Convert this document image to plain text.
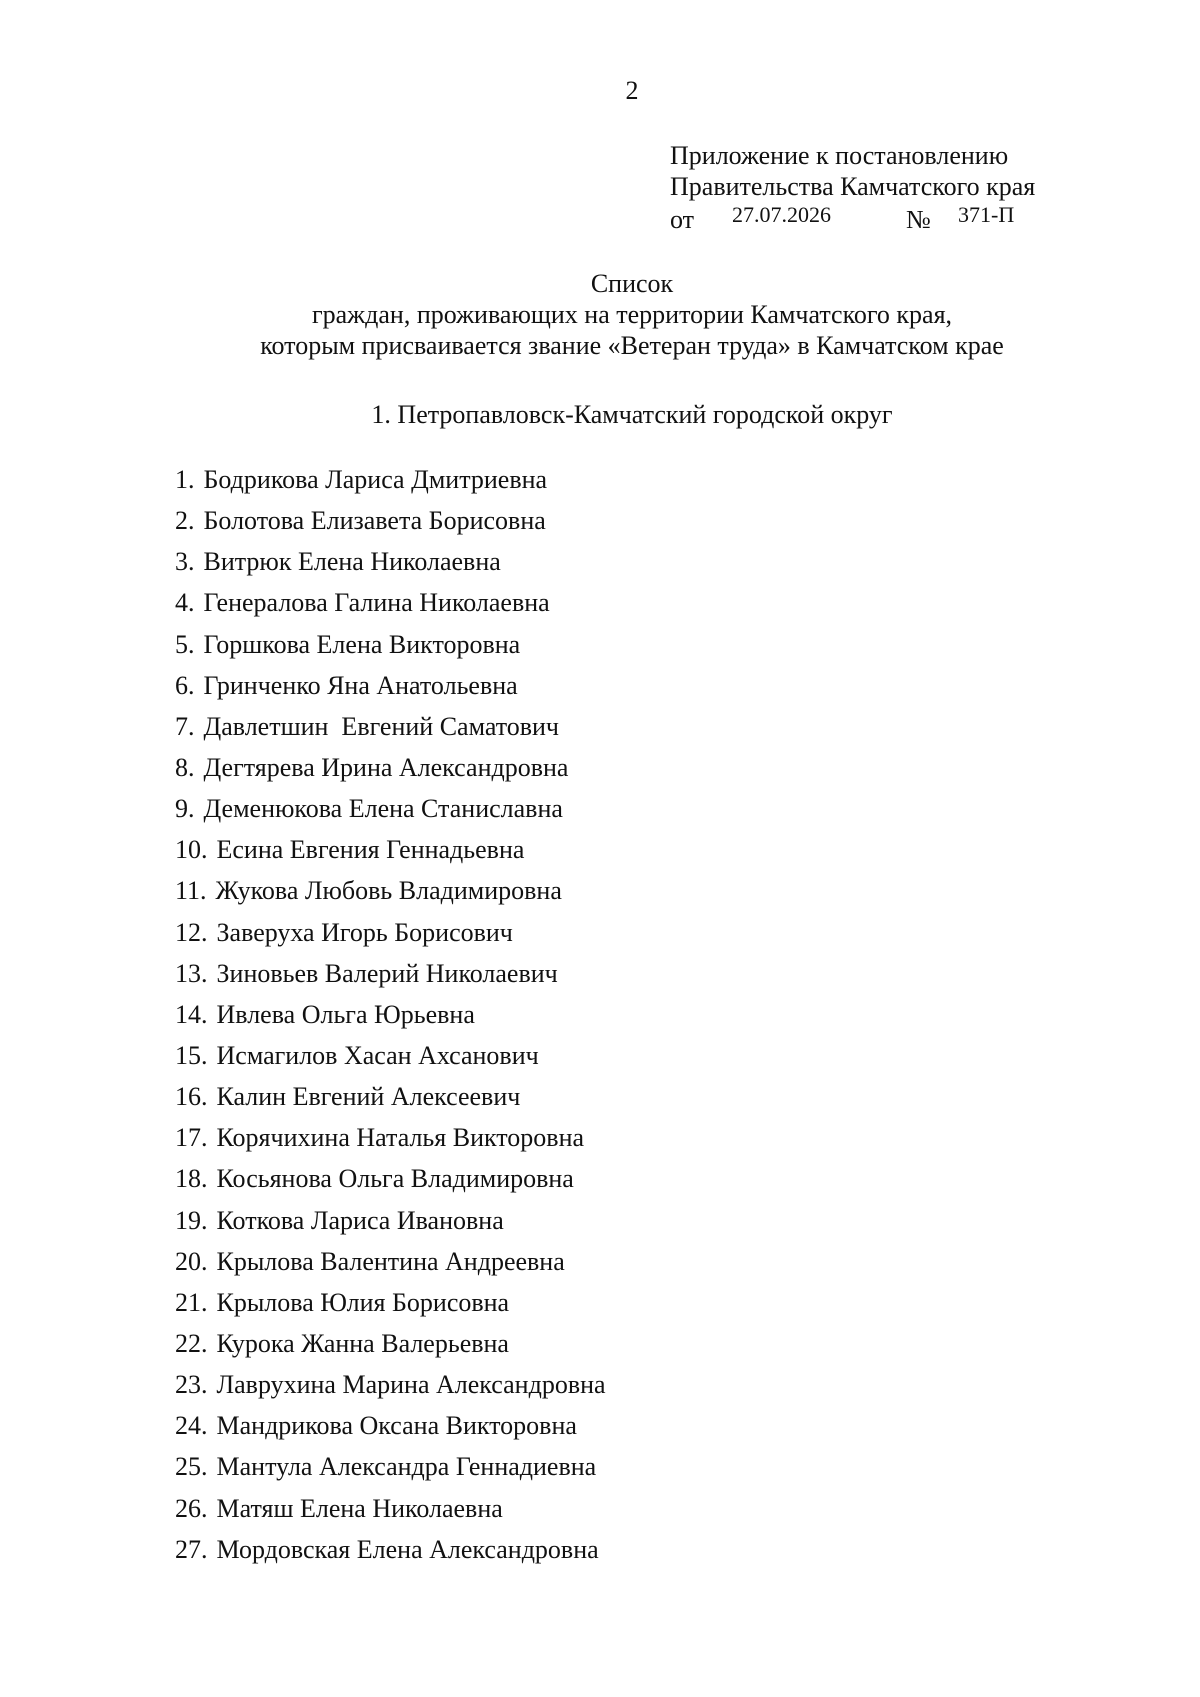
2
Приложение к постановлению
Правительства Камчатского края
от 27.07.2026	№ 371-П
Список
граждан, проживающих на территории Камчатского края,
которым присваивается звание «Ветеран труда» в Камчатском крае
1. Петропавловск-Камчатский городской округ
1. Бодрикова Лариса Дмитриевна
2. Болотова Елизавета Борисовна
3. Витрюк Елена Николаевна
4. Генералова Галина Николаевна
5. Горшкова Елена Викторовна
6. Гринченко Яна Анатольевна
7. Давлетшин  Евгений Саматович
8. Дегтярева Ирина Александровна
9. Деменюкова Елена Станиславна
10. Есина Евгения Геннадьевна
11. Жукова Любовь Владимировна
12. Заверуха Игорь Борисович
13. Зиновьев Валерий Николаевич
14. Ивлева Ольга Юрьевна
15. Исмагилов Хасан Ахсанович
16. Калин Евгений Алексеевич
17. Корячихина Наталья Викторовна
18. Косьянова Ольга Владимировна
19. Коткова Лариса Ивановна
20. Крылова Валентина Андреевна
21. Крылова Юлия Борисовна
22. Курока Жанна Валерьевна
23. Лаврухина Марина Александровна
24. Мандрикова Оксана Викторовна
25. Мантула Александра Геннадиевна
26. Матяш Елена Николаевна
27. Мордовская Елена Александровна
